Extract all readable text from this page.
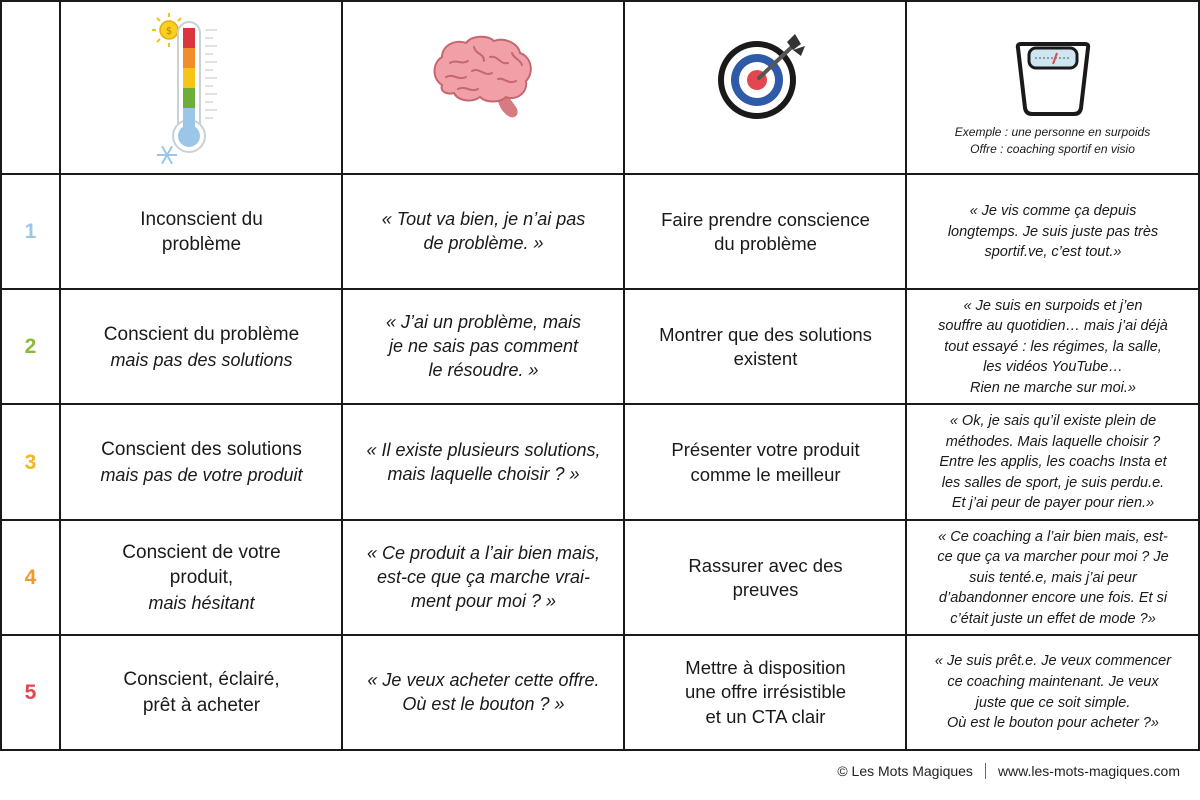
$
Exemple : une personne en surpoids
Offre : coaching sportif en visio
1
Inconscient du
problème
« Tout va bien, je n’ai pas
de problème. »
Faire prendre conscience
du problème
« Je vis comme ça depuis
longtemps. Je suis juste pas très
sportif.ve, c’est tout.»
2
Conscient du problème
mais pas des solutions
« J’ai un problème, mais
je ne sais pas comment
le résoudre. »
Montrer que des solutions
existent
« Je suis en surpoids et j’en
souffre au quotidien… mais j’ai déjà
tout essayé : les régimes, la salle,
les vidéos YouTube…
Rien ne marche sur moi.»
3
Conscient des solutions
mais pas de votre produit
« Il existe plusieurs solutions,
mais laquelle choisir ? »
Présenter votre produit
comme le meilleur
« Ok, je sais qu’il existe plein de
méthodes. Mais laquelle choisir ?
Entre les applis, les coachs Insta et
les salles de sport, je suis perdu.e.
Et j’ai peur de payer pour rien.»
4
Conscient de votre
produit,
mais hésitant
« Ce produit a l’air bien mais,
est-ce que ça marche vrai-
ment pour moi ? »
Rassurer avec des
preuves
« Ce coaching a l’air bien mais, est-
ce que ça va marcher pour moi ? Je
suis tenté.e, mais j’ai peur
d’abandonner encore une fois. Et si
c’était juste un effet de mode ?»
5
Conscient, éclairé,
prêt à acheter
« Je veux acheter cette offre.
Où est le bouton ? »
Mettre à disposition
une offre irrésistible
et un CTA clair
« Je suis prêt.e. Je veux commencer
ce coaching maintenant. Je veux
juste que ce soit simple.
Où est le bouton pour acheter ?»
© Les Mots Magiques www.les-mots-magiques.com
